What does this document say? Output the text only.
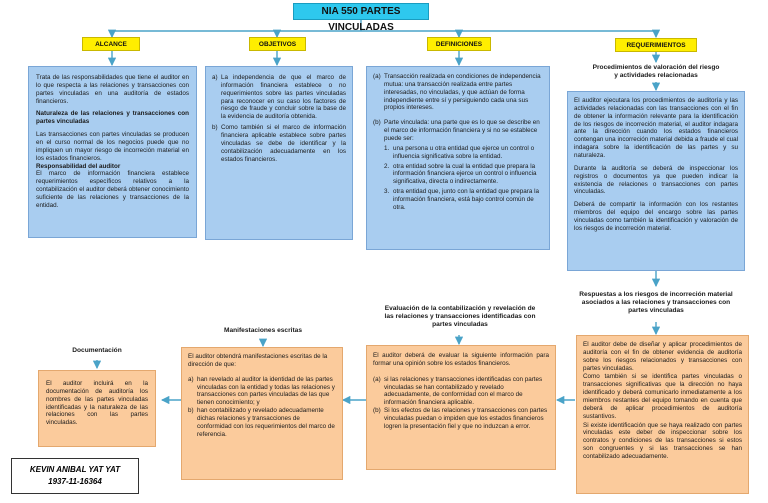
NIA 550 PARTES VINCULADAS
ALCANCE	OBJETIVOS	DEFINICIONES	REQUERIMIENTOS

Trata de las responsabilidades que tiene el auditor en lo que respecta a las relaciones y transacciones con partes vinculadas en una auditoría de estados financieros.

Naturaleza de las relaciones y transacciones con partes vinculadas

Las transacciones con partes vinculadas se producen en el curso normal de los negocios puede que no impliquen un mayor riesgo de incorreción material en los estados financieros.

Responsabilidad del auditor

El marco de información financiera establece requerimientos específicos relativos a la contabilización el auditor deberá obtener conocimiento suficiente de las relaciones y transacciones de la entidad.

a) La independencia de que el marco de información financiera establece o no requerimientos sobre las partes vinculadas para reconocer en su caso los factores de riesgo de fraude y concluir sobre la base de la evidencia de auditoría obtenida.
b) Como también si el marco de información financiera aplicable establece sobre partes vinculadas se debe de identificar y la contabilización adecuadamente en los estados financieros.
(a) Transacción realizada en condiciones de independencia mutua: una transacción realizada entre partes interesadas, no vinculadas, y que actúan de forma independiente entre sí y persiguiendo cada una sus propios intereses.
(b) Parte vinculada: una parte que es lo que se describe en el marco de información financiera y si no se establece puede ser:
1. una persona u otra entidad que ejerce un control o influencia significativa sobre la entidad.
2. otra entidad sobre la cual la entidad que prepara la información financiera ejerce un control o influencia significativa, directa o indirectamente.
3. otra entidad que, junto con la entidad que prepara la información financiera, está bajo control común de otra.
Procedimientos de valoración del riesgo y actividades relacionadas

El auditor ejecutara los procedimientos de auditoría y las actividades relacionadas con las transacciones con el fin de obtener la información relevante para la identificación de los riesgos de incorreción material, el auditor indagara ante la dirección cuando los estados financieros contengan una incorreción material debida a fraude el cual indagara sobre la identificación de las partes y su naturaleza.

Durante la auditoría se deberá de inspeccionar los registros o documentos ya que pueden indicar la existencia de relaciones o transacciones con partes vinculadas.

Deberá de compartir la información con los restantes miembros del equipo del encargo sobre las partes vinculadas como también la identificación y valoración de los riesgos de incorreción material.

Respuestas a los riesgos de incorreción material asociados a las relaciones y transacciones con partes vinculadas

El auditor debe de diseñar y aplicar procedimientos de auditoría con el fin de obtener evidencia de auditoría sobre los riesgos relacionados y transacciones con partes vinculadas.

Como también si se identifica partes vinculadas o transacciones significativas que la dirección no haya identificado y deberá comunicarlo inmediatamente a los miembros restantes del equipo tomando en cuenta que deberá de aplicar procedimientos de auditoría sustantivos.

Si existe identificación que se haya realizado con partes vinculadas este deber de inspeccionar sobre los contratos y condiciones de las transacciones si estos son congruentes y si las transacciones se han contabilizado adecuadamente.

Evaluación de la contabilización y revelación de las relaciones y transacciones identificadas con partes vinculadas

El auditor deberá de evaluar la siguiente información para formar una opinión sobre los estados financieros.

(a) si las relaciones y transacciones identificadas con partes vinculadas se han contabilizado y revelado adecuadamente, de conformidad con el marco de información financiera aplicable.
(b) Si los efectos de las relaciones y transacciones con partes vinculadas puedan o impiden que los estados financieros logren la presentación fiel y que no induzcan a error.
Manifestaciones escritas

El auditor obtendrá manifestaciones escritas de la dirección de que:

a) han revelado al auditor la identidad de las partes vinculadas con la entidad y todas las relaciones y transacciones con partes vinculadas de las que tienen conocimiento; y
b) han contabilizado y revelado adecuadamente dichas relaciones y transacciones de conformidad con los requerimientos del marco de referencia.
Documentación

El auditor incluirá en la documentación de auditoría los nombres de las partes vinculadas identificadas y la naturaleza de las relaciones con las partes vinculadas.

KEVIN ANIBAL YAT YAT
1937-11-16364
